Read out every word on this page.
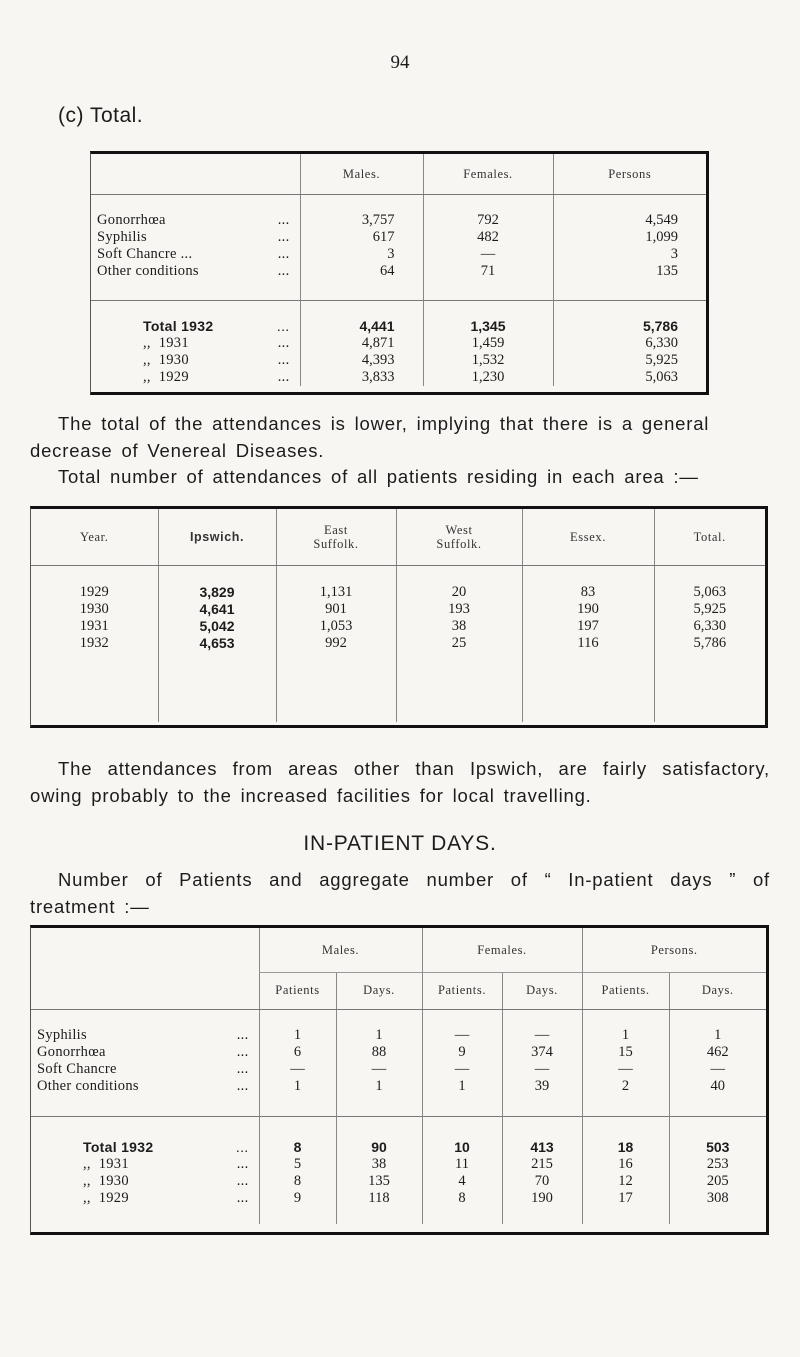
94
(c) Total.
	Males.	Females.	Persons

Gonorrhœa ...	3,757	792	4,549
Syphilis ...	617	482	1,099
Soft Chancre ... ...	3	—	3
Other conditions ...	64	71	135

Total 1932 ...	4,441	1,345	5,786
,,  1931 ...	4,871	1,459	6,330
,,  1930 ...	4,393	1,532	5,925
,,  1929 ...	3,833	1,230	5,063
The total of the attendances is lower, implying that there is a general decrease of Venereal Diseases.
Total number of attendances of all patients residing in each area :—
Year.	Ipswich.	East Suffolk.	West Suffolk.	Essex.	Total.

1929	3,829	1,131	20	83	5,063
1930	4,641	901	193	190	5,925
1931	5,042	1,053	38	197	6,330
1932	4,653	992	25	116	5,786

The attendances from areas other than Ipswich, are fairly satisfactory, owing probably to the increased facilities for local travelling.
IN-PATIENT DAYS.
Number of Patients and aggregate number of “ In-patient days ” of treatment :—
	Males.		Females.		Persons.	
	Patients	Days.	Patients.	Days.	Patients.	Days.

Syphilis ...	1	1	—	—	1	1
Gonorrhœa ...	6	88	9	374	15	462
Soft Chancre ...	—	—	—	—	—	—
Other conditions ...	1	1	1	39	2	40

Total 1932 ...	8	90	10	413	18	503
,,  1931 ...	5	38	11	215	16	253
,,  1930 ...	8	135	4	70	12	205
,,  1929 ...	9	118	8	190	17	308
